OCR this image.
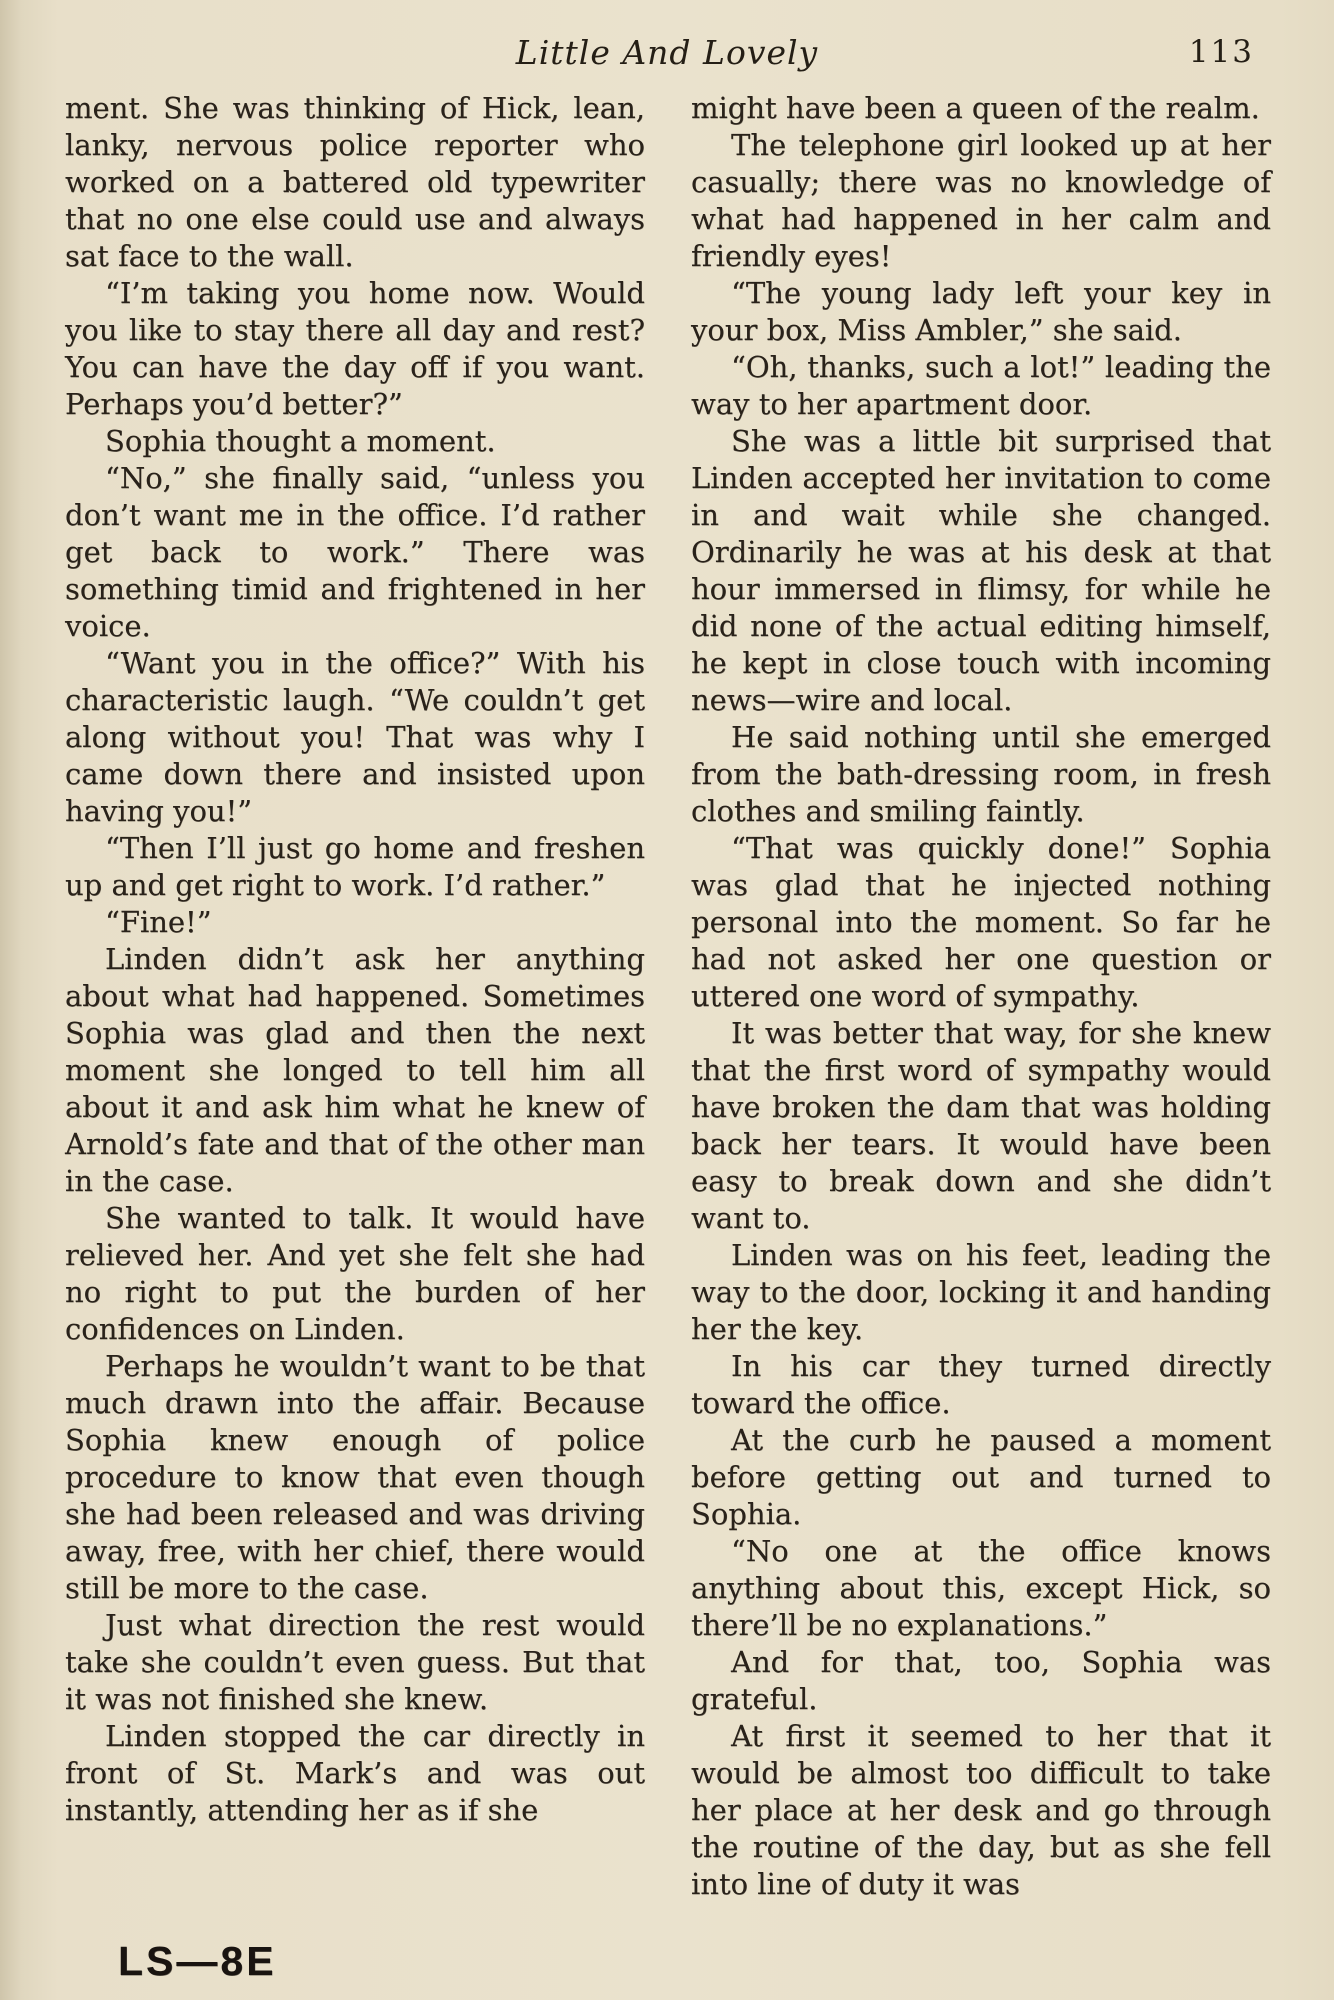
Little And Lovely	113

ment. She was thinking of Hick, lean, lanky, nervous police reporter who worked on a battered old typewriter that no one else could use and always sat face to the wall.

“I’m taking you home now. Would you like to stay there all day and rest? You can have the day off if you want. Perhaps you’d better?”

Sophia thought a moment.

“No,” she finally said, “unless you don’t want me in the office. I’d rather get back to work.” There was something timid and frightened in her voice.

“Want you in the office?” With his characteristic laugh. “We couldn’t get along without you! That was why I came down there and insisted upon having you!”

“Then I’ll just go home and freshen up and get right to work. I’d rather.”

“Fine!”

Linden didn’t ask her anything about what had happened. Sometimes Sophia was glad and then the next moment she longed to tell him all about it and ask him what he knew of Arnold’s fate and that of the other man in the case.

She wanted to talk. It would have relieved her. And yet she felt she had no right to put the burden of her confidences on Linden.

Perhaps he wouldn’t want to be that much drawn into the affair. Because Sophia knew enough of police procedure to know that even though she had been released and was driving away, free, with her chief, there would still be more to the case.

Just what direction the rest would take she couldn’t even guess. But that it was not finished she knew.

Linden stopped the car directly in front of St. Mark’s and was out instantly, attending her as if she

might have been a queen of the realm.

The telephone girl looked up at her casually; there was no knowledge of what had happened in her calm and friendly eyes!

“The young lady left your key in your box, Miss Ambler,” she said.

“Oh, thanks, such a lot!” leading the way to her apartment door.

She was a little bit surprised that Linden accepted her invitation to come in and wait while she changed. Ordinarily he was at his desk at that hour immersed in flimsy, for while he did none of the actual editing himself, he kept in close touch with incoming news—wire and local.

He said nothing until she emerged from the bath-dressing room, in fresh clothes and smiling faintly.

“That was quickly done!” Sophia was glad that he injected nothing personal into the moment. So far he had not asked her one question or uttered one word of sympathy.

It was better that way, for she knew that the first word of sympathy would have broken the dam that was holding back her tears. It would have been easy to break down and she didn’t want to.

Linden was on his feet, leading the way to the door, locking it and handing her the key.

In his car they turned directly toward the office.

At the curb he paused a moment before getting out and turned to Sophia.

“No one at the office knows anything about this, except Hick, so there’ll be no explanations.”

And for that, too, Sophia was grateful.

At first it seemed to her that it would be almost too difficult to take her place at her desk and go through the routine of the day, but as she fell into line of duty it was

LS—8E
